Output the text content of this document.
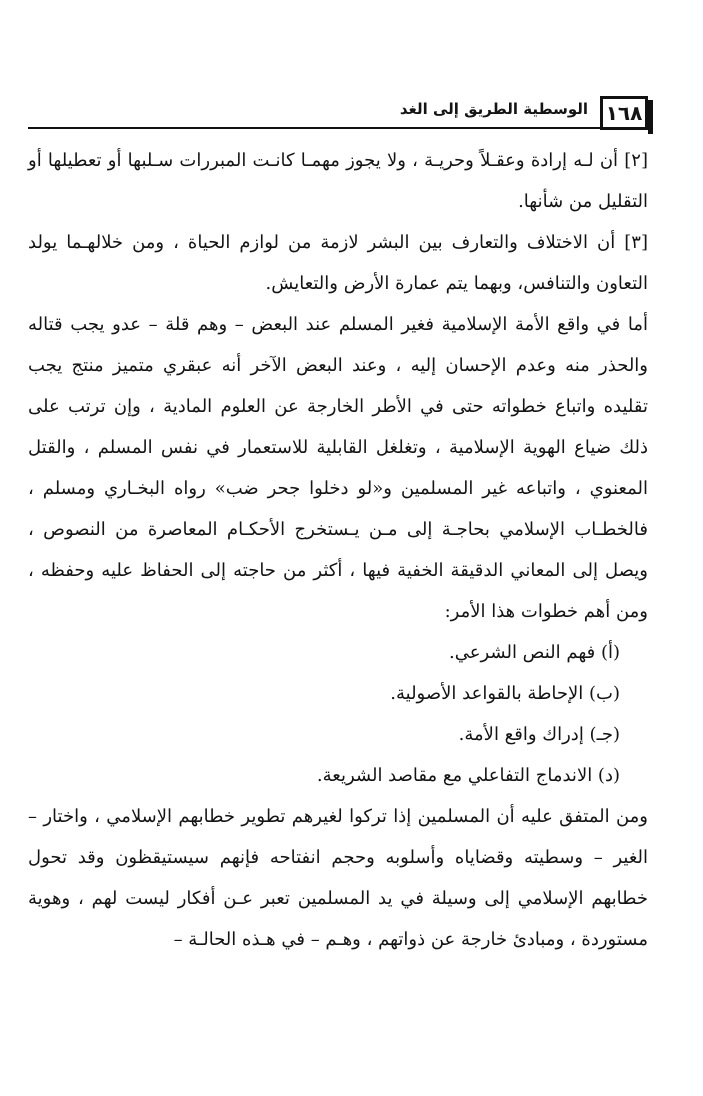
١٦٨
الوسطية الطريق إلى الغد

[٢] أن لـه إرادة وعقـلاً وحريـة ، ولا يجوز مهمـا كانـت المبررات سـلبها أو تعطيلها أو التقليل من شأنها.

[٣] أن الاختلاف والتعارف بين البشر لازمة من لوازم الحياة ، ومن خلالهـما يولد التعاون والتنافس، وبهما يتم عمارة الأرض والتعايش.

أما في واقع الأمة الإسلامية فغير المسلم عند البعض – وهم قلة – عدو يجب قتاله والحذر منه وعدم الإحسان إليه ، وعند البعض الآخر أنه عبقري متميز منتج يجب تقليده واتباع خطواته حتى في الأطر الخارجة عن العلوم المادية ، وإن ترتب على ذلك ضياع الهوية الإسلامية ، وتغلغل القابلية للاستعمار في نفس المسلم ، والقتل المعنوي ، واتباعه غير المسلمين و«لو دخلوا جحر ضب» رواه البخـاري ومسلم ، فالخطـاب الإسلامي بحاجـة إلى مـن يـستخرج الأحكـام المعاصرة من النصوص ، ويصل إلى المعاني الدقيقة الخفية فيها ، أكثر من حاجته إلى الحفاظ عليه وحفظه ، ومن أهم خطوات هذا الأمر:

(أ) فهم النص الشرعي.

(ب) الإحاطة بالقواعد الأصولية.

(جـ) إدراك واقع الأمة.

(د) الاندماج التفاعلي مع مقاصد الشريعة.

ومن المتفق عليه أن المسلمين إذا تركوا لغيرهم تطوير خطابهم الإسلامي ، واختار – الغير – وسطيته وقضاياه وأسلوبه وحجم انفتاحه فإنهم سيستيقظون وقد تحول خطابهم الإسلامي إلى وسيلة في يد المسلمين تعبر عـن أفكار ليست لهم ، وهوية مستوردة ، ومبادئ خارجة عن ذواتهم ، وهـم – في هـذه الحالـة –
